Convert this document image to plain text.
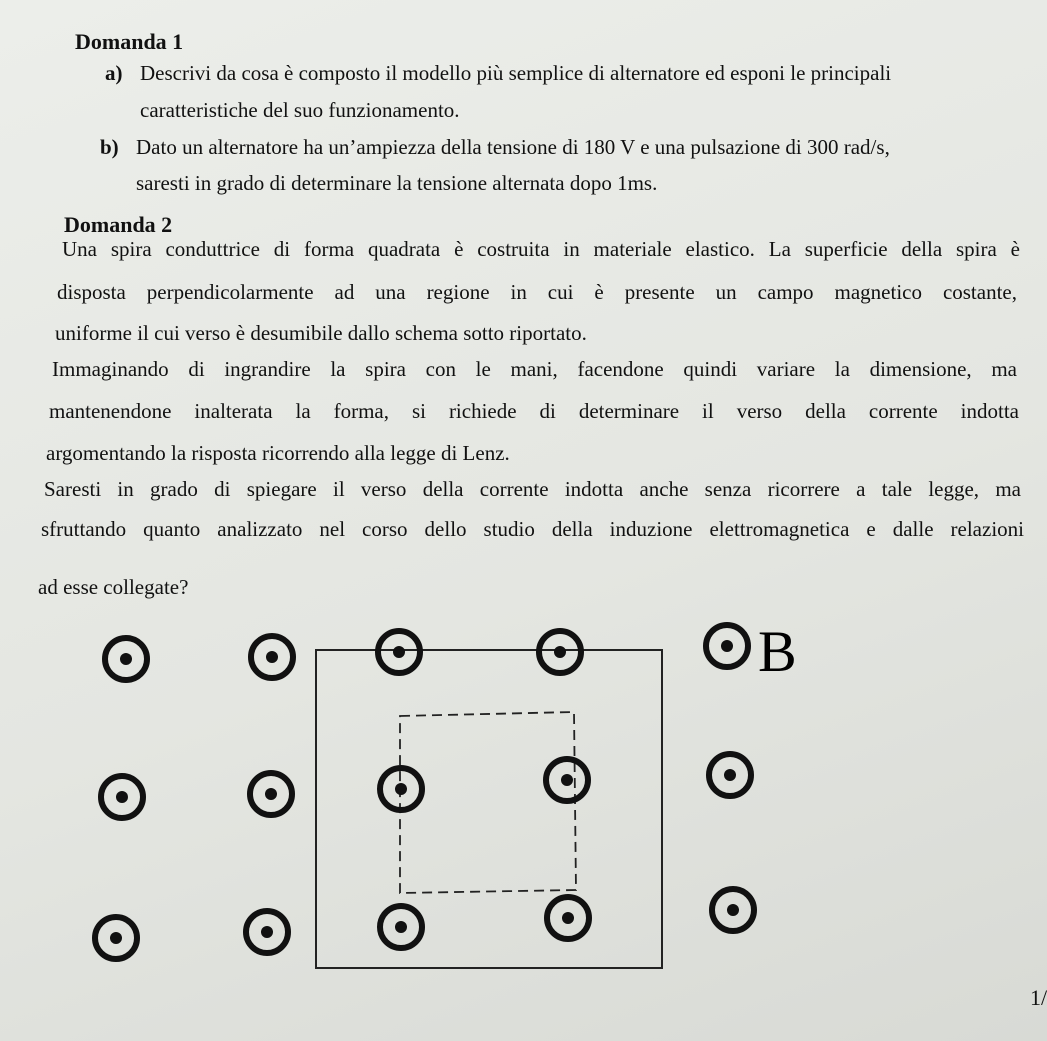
Domanda 1
a) Descrivi da cosa è composto il modello più semplice di alternatore ed esponi le principali
caratteristiche del suo funzionamento.
b) Dato un alternatore ha un’ampiezza della tensione di 180 V e una pulsazione di 300 rad/s,
saresti in grado di determinare la tensione alternata dopo 1ms.
Domanda 2
Una spira conduttrice di forma quadrata è costruita in materiale elastico. La superficie della spira è
disposta perpendicolarmente ad una regione in cui è presente un campo magnetico costante,
uniforme il cui verso è desumibile dallo schema sotto riportato.
Immaginando di ingrandire la spira con le mani, facendone quindi variare la dimensione, ma
mantenendone inalterata la forma, si richiede di determinare il verso della corrente indotta
argomentando la risposta ricorrendo alla legge di Lenz.
Saresti in grado di spiegare il verso della corrente indotta anche senza ricorrere a tale legge, ma
sfruttando quanto analizzato nel corso dello studio della induzione elettromagnetica e dalle relazioni
ad esse collegate?
B
1/
